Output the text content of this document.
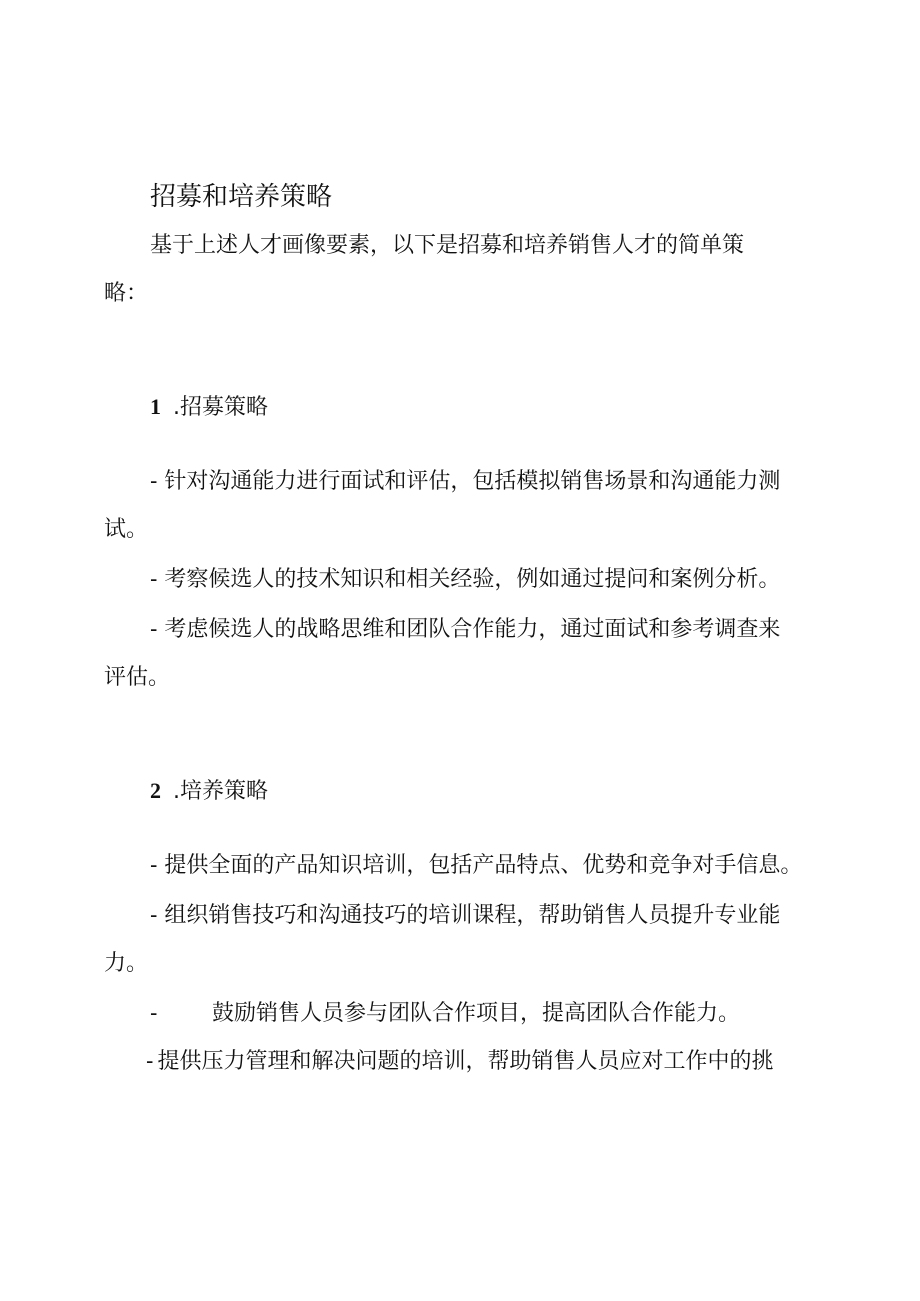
招募和培养策略

基于上述人才画像要素，以下是招募和培养销售人才的简单策

略：

1 .招募策略

- 针对沟通能力进行面试和评估，包括模拟销售场景和沟通能力测

试。

- 考察候选人的技术知识和相关经验，例如通过提问和案例分析。

- 考虑候选人的战略思维和团队合作能力，通过面试和参考调查来

评估。

2 .培养策略

- 提供全面的产品知识培训，包括产品特点、优势和竞争对手信息。

- 组织销售技巧和沟通技巧的培训课程，帮助销售人员提升专业能

力。

- 鼓励销售人员参与团队合作项目，提高团队合作能力。

- 提供压力管理和解决问题的培训，帮助销售人员应对工作中的挑
